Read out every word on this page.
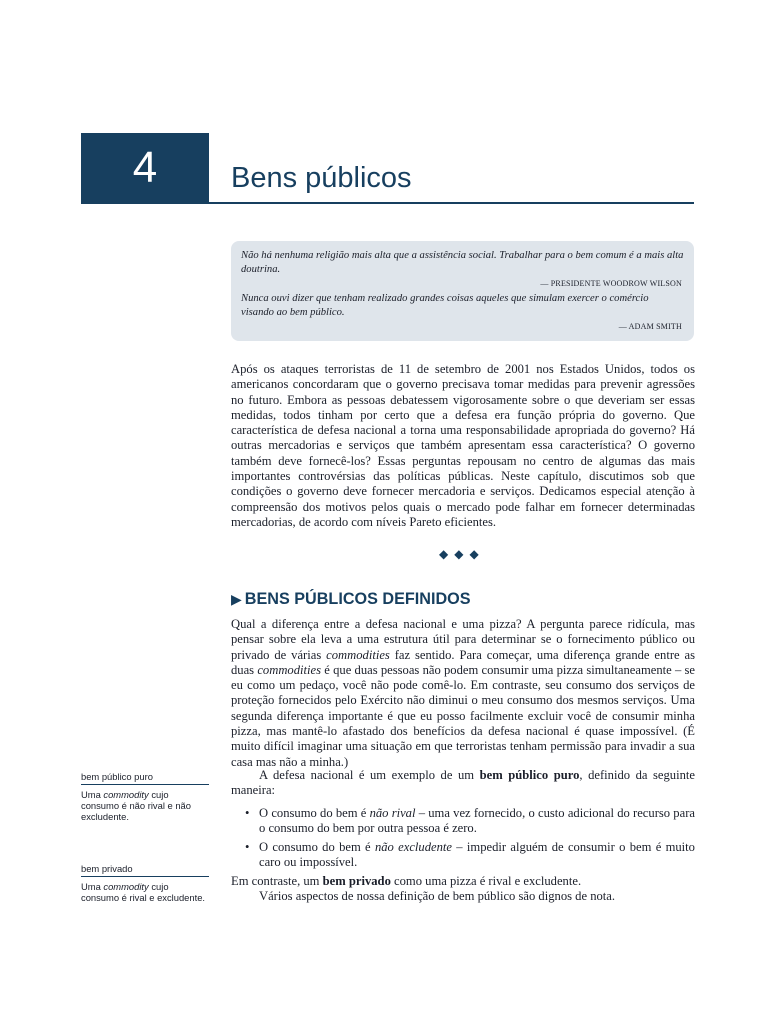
4	Bens públicos

Não há nenhuma religião mais alta que a assistência social. Trabalhar para o bem comum é a mais alta doutrina.

— PRESIDENTE WOODROW WILSON

Nunca ouvi dizer que tenham realizado grandes coisas aqueles que simulam exercer o comércio visando ao bem público.

— ADAM SMITH

Após os ataques terroristas de 11 de setembro de 2001 nos Estados Unidos, todos os americanos concordaram que o governo precisava tomar medidas para prevenir agressões no futuro. Embora as pessoas debatessem vigorosamente sobre o que deveriam ser essas medidas, todos tinham por certo que a defesa era função própria do governo. Que característica de defesa nacional a torna uma responsabilidade apropriada do governo? Há outras mercadorias e serviços que também apresentam essa característica? O governo também deve fornecê-los? Essas perguntas repousam no centro de algumas das mais importantes controvérsias das políticas públicas. Neste capítulo, discutimos sob que condições o governo deve fornecer mercadoria e serviços. Dedicamos especial atenção à compreensão dos motivos pelos quais o mercado pode falhar em fornecer determinadas mercadorias, de acordo com níveis Pareto eficientes.

◆◆◆
▶ BENS PÚBLICOS DEFINIDOS

Qual a diferença entre a defesa nacional e uma pizza? A pergunta parece ridícula, mas pensar sobre ela leva a uma estrutura útil para determinar se o fornecimento público ou privado de várias commodities faz sentido. Para começar, uma diferença grande entre as duas commodities é que duas pessoas não podem consumir uma pizza simultaneamente – se eu como um pedaço, você não pode comê-lo. Em contraste, seu consumo dos serviços de proteção fornecidos pelo Exército não diminui o meu consumo dos mesmos serviços. Uma segunda diferença importante é que eu posso facilmente excluir você de consumir minha pizza, mas mantê-lo afastado dos benefícios da defesa nacional é quase impossível. (É muito difícil imaginar uma situação em que terroristas tenham permissão para invadir a sua casa mas não a minha.)

A defesa nacional é um exemplo de um bem público puro, definido da seguinte maneira:

• O consumo do bem é não rival – uma vez fornecido, o custo adicional do recurso para o consumo do bem por outra pessoa é zero.
• O consumo do bem é não excludente – impedir alguém de consumir o bem é muito caro ou impossível.

Em contraste, um bem privado como uma pizza é rival e excludente.

Vários aspectos de nossa definição de bem público são dignos de nota.

bem público puro
Uma commodity cujo consumo é não rival e não excludente.
bem privado
Uma commodity cujo consumo é rival e excludente.
